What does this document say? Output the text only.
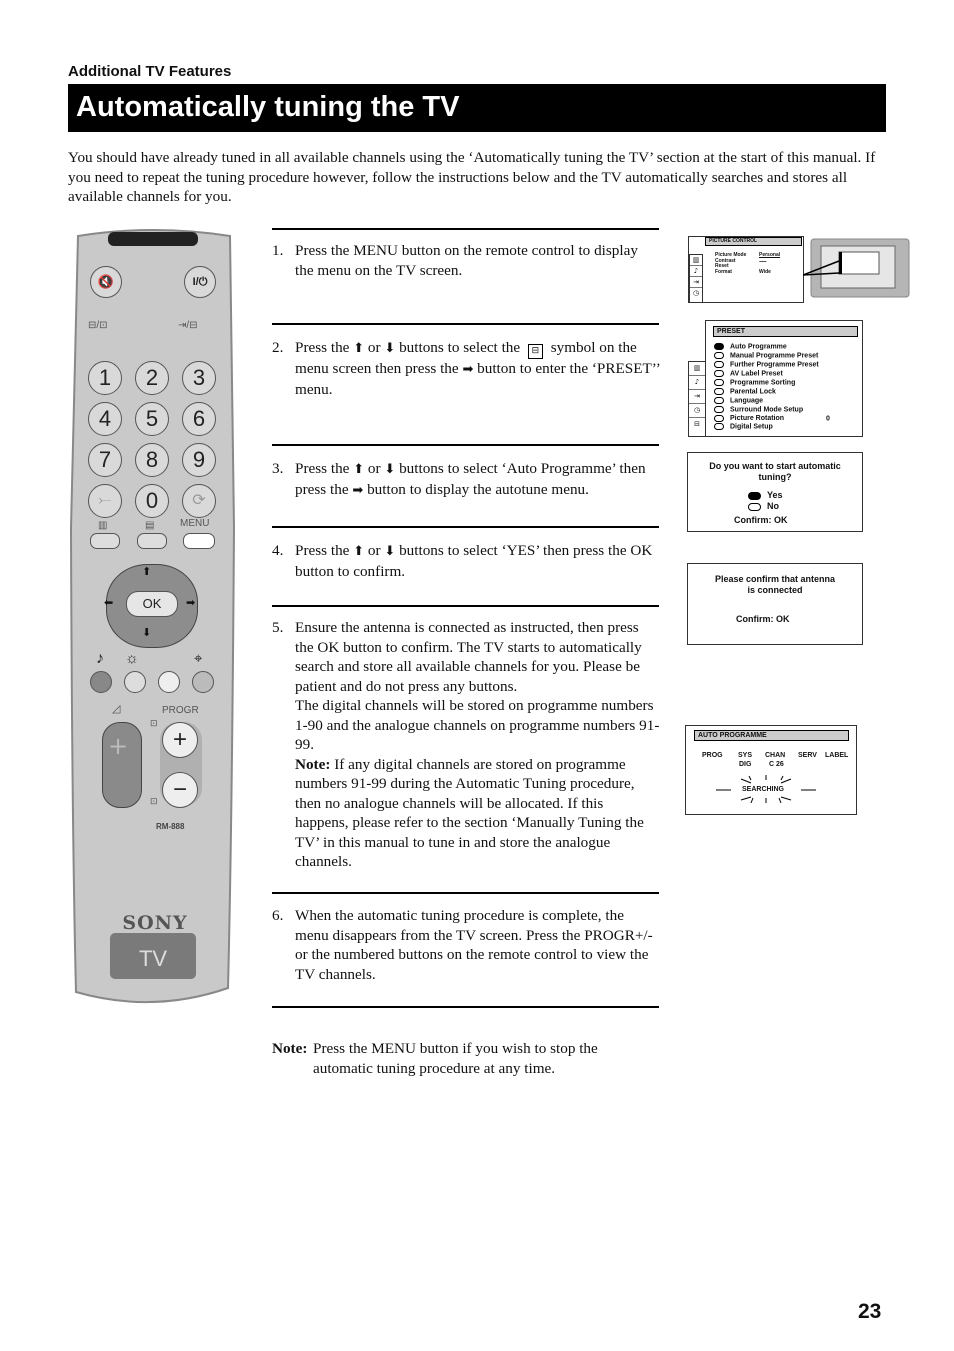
Additional TV Features
Automatically tuning the TV
You should have already tuned in all available channels using the ‘Automatically tuning the TV’ section at the start of this manual. If you need to repeat the tuning procedure however, follow the instructions below and the TV automatically searches and stores all available channels for you.
🔇	I/⏻
⊟/⊡	⇥/⊟
1	2	3
4	5	6
7	8	9
⤚	0	⟳
▥	▤	MENU
⬆
⬇
⬅	➡
OK
♪ ☼	⌖
◿	PROGR
+	+
−
⊡
⊡
RM-888
SONY
TV
1. Press the MENU button on the remote control to display the menu on the TV screen.
2. Press the ⬆ or ⬇ buttons to select the ⊟ symbol on the menu screen then press the ➡ button to enter the ‘PRESET’’ menu.
3. Press the ⬆ or ⬇ buttons to select ‘Auto Programme’ then press the ➡ button to display the autotune menu.
4. Press the ⬆ or ⬇ buttons to select ‘YES’ then press the OK button to confirm.
5. Ensure the antenna is connected as instructed, then press the OK button to confirm. The TV starts to automatically search and store all available channels for you. Please be patient and do not press any buttons.
The digital channels will be stored on programme numbers 1-90 and the analogue channels on programme numbers 91-99.
Note: If any digital channels are stored on programme numbers 91-99 during the Automatic Tuning procedure, then no analogue channels will be allocated. If this happens, please refer to the section ‘Manually Tuning the TV’ in this manual to tune in and store the analogue channels.
6. When the automatic tuning procedure is complete, the menu disappears from the TV screen. Press the PROGR+/- or the numbered buttons on the remote control to view the TV channels.
Note: Press the MENU button if you wish to stop the automatic tuning procedure at any time.
▥
♪
⇥
◷
PICTURE CONTROL
Picture Mode	Personal
Contrast	. . . . . . . . .
Reset
Format	Wide
▥
♪
⇥
◷
⊟
PRESET
Auto Programme
Manual Programme Preset
Further Programme Preset
AV Label Preset
Programme Sorting
Parental Lock
Language
Surround Mode Setup
Picture Rotation	0
Digital Setup
Do you want to start automatic tuning?
Yes
No
Confirm: OK
Please confirm that antenna is connected
Confirm: OK
AUTO PROGRAMME
PROG SYS CHAN SERV LABEL
DIG	C 26
SEARCHING
23
